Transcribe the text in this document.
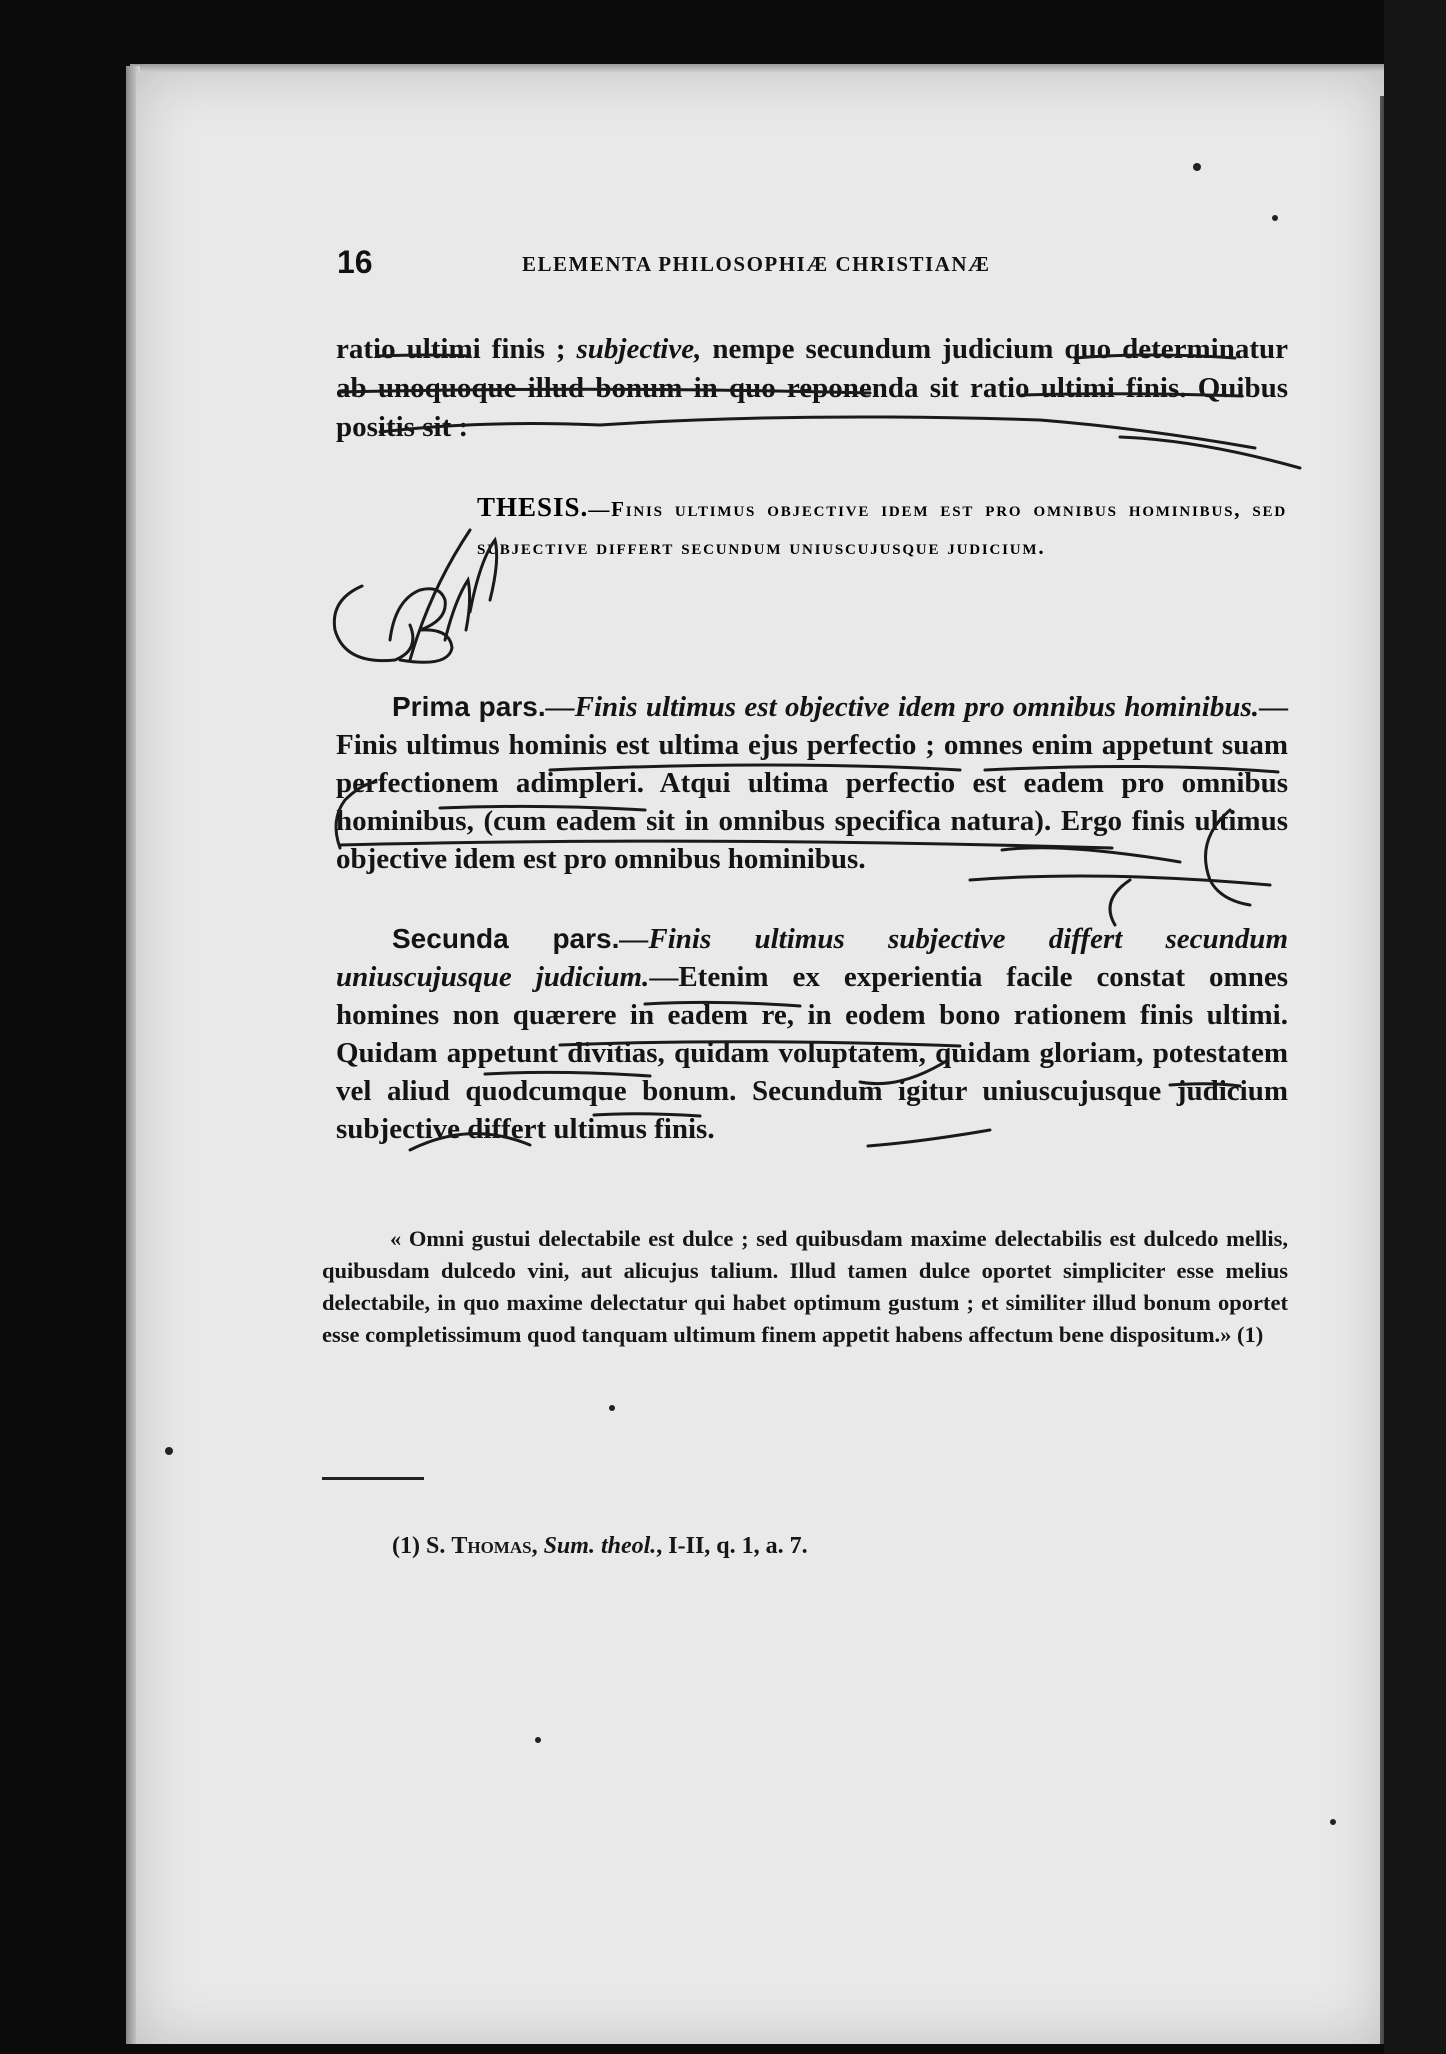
16	ELEMENTA PHILOSOPHIÆ CHRISTIANÆ

ratio ultimi finis ; subjective, nempe secundum judicium quo determinatur ab unoquoque illud bonum in quo reponenda sit ratio ultimi finis. Quibus positis sit :

THESIS.—Finis ultimus objective idem est pro omnibus hominibus, sed subjective differt secundum uniuscujusque judicium.
Prima pars.—Finis ultimus est objective idem pro omnibus hominibus.—Finis ultimus hominis est ultima ejus perfectio ; omnes enim appetunt suam perfectionem adimpleri. Atqui ultima perfectio est eadem pro omnibus hominibus, (cum eadem sit in omnibus specifica natura). Ergo finis ultimus objective idem est pro omnibus hominibus.
Secunda pars.—Finis ultimus subjective differt secundum uniuscujusque judicium.—Etenim ex experientia facile constat omnes homines non quærere in eadem re, in eodem bono rationem finis ultimi. Quidam appetunt divitias, quidam voluptatem, quidam gloriam, potestatem vel aliud quodcumque bonum. Secundum igitur uniuscujusque judicium subjective differt ultimus finis.
« Omni gustui delectabile est dulce ; sed quibusdam maxime delectabilis est dulcedo mellis, quibusdam dulcedo vini, aut alicujus talium. Illud tamen dulce oportet simpliciter esse melius delectabile, in quo maxime delectatur qui habet optimum gustum ; et similiter illud bonum oportet esse completissimum quod tanquam ultimum finem appetit habens affectum bene dispositum.» (1)
(1) S. Thomas, Sum. theol., I-II, q. 1, a. 7.
